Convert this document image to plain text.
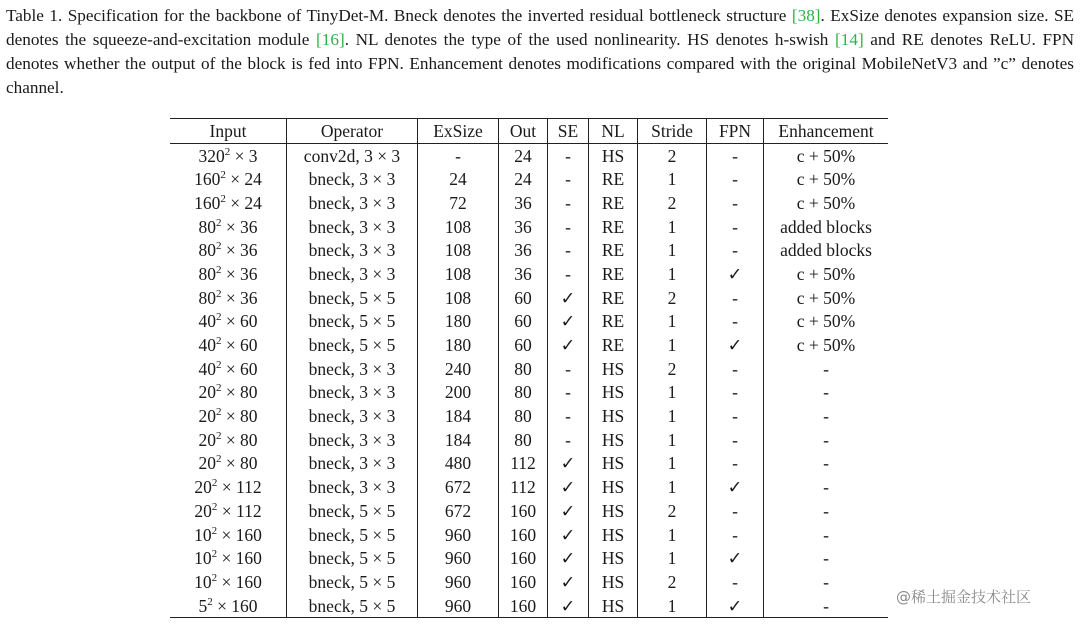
Table 1. Specification for the backbone of TinyDet-M. Bneck denotes the inverted residual bottleneck structure [38]. ExSize denotes expansion size. SE denotes the squeeze-and-excitation module [16]. NL denotes the type of the used nonlinearity. HS denotes h-swish [14] and RE denotes ReLU. FPN denotes whether the output of the block is fed into FPN. Enhancement denotes modifications compared with the original MobileNetV3 and ”c” denotes channel.
Input	Operator	ExSize	Out	SE	NL	Stride	FPN	Enhancement
$320^2 \times 3$	conv2d, 3 × 3	-	24	-	HS	2	-	c + 50%
$160^2 \times 24$	bneck, 3 × 3	24	24	-	RE	1	-	c + 50%
$160^2 \times 24$	bneck, 3 × 3	72	36	-	RE	2	-	c + 50%
$80^2 \times 36$	bneck, 3 × 3	108	36	-	RE	1	-	added blocks
$80^2 \times 36$	bneck, 3 × 3	108	36	-	RE	1	-	added blocks
$80^2 \times 36$	bneck, 3 × 3	108	36	-	RE	1	✓	c + 50%
$80^2 \times 36$	bneck, 5 × 5	108	60	✓	RE	2	-	c + 50%
$40^2 \times 60$	bneck, 5 × 5	180	60	✓	RE	1	-	c + 50%
$40^2 \times 60$	bneck, 5 × 5	180	60	✓	RE	1	✓	c + 50%
$40^2 \times 60$	bneck, 3 × 3	240	80	-	HS	2	-	-
$20^2 \times 80$	bneck, 3 × 3	200	80	-	HS	1	-	-
$20^2 \times 80$	bneck, 3 × 3	184	80	-	HS	1	-	-
$20^2 \times 80$	bneck, 3 × 3	184	80	-	HS	1	-	-
$20^2 \times 80$	bneck, 3 × 3	480	112	✓	HS	1	-	-
$20^2 \times 112$	bneck, 3 × 3	672	112	✓	HS	1	✓	-
$20^2 \times 112$	bneck, 5 × 5	672	160	✓	HS	2	-	-
$10^2 \times 160$	bneck, 5 × 5	960	160	✓	HS	1	-	-
$10^2 \times 160$	bneck, 5 × 5	960	160	✓	HS	1	✓	-
$10^2 \times 160$	bneck, 5 × 5	960	160	✓	HS	2	-	-
$5^2 \times 160$	bneck, 5 × 5	960	160	✓	HS	1	✓	-	@稀土掘金技术社区
